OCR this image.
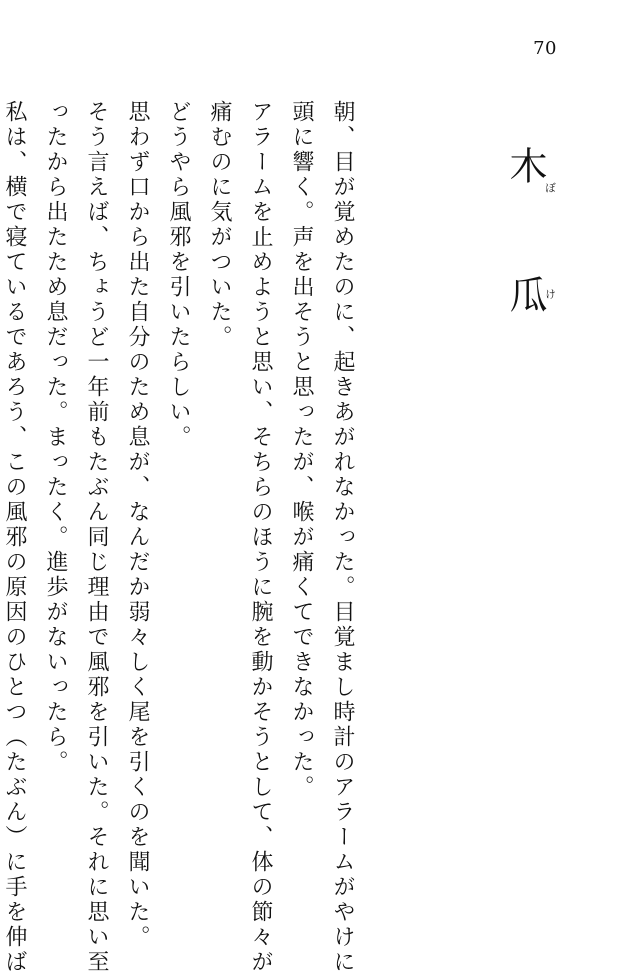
70
木 ぼ 瓜 け
朝、目が覚めたのに、起きあがれなかった。目覚まし時計のアラームがやけに
頭に響く。声を出そうと思ったが、喉が痛くてできなかった。
アラームを止めようと思い、そちらのほうに腕を動かそうとして、体の節々が
痛むのに気がついた。
どうやら風邪を引いたらしい。
思わず口から出た自分のため息が、なんだか弱々しく尾を引くのを聞いた。
そう言えば、ちょうど一年前もたぶん同じ理由で風邪を引いた。それに思い至
ったから出たため息だった。まったく。進歩がないったら。
私は、横で寝ているであろう、この風邪の原因のひとつ（たぶん）に手を伸ば
